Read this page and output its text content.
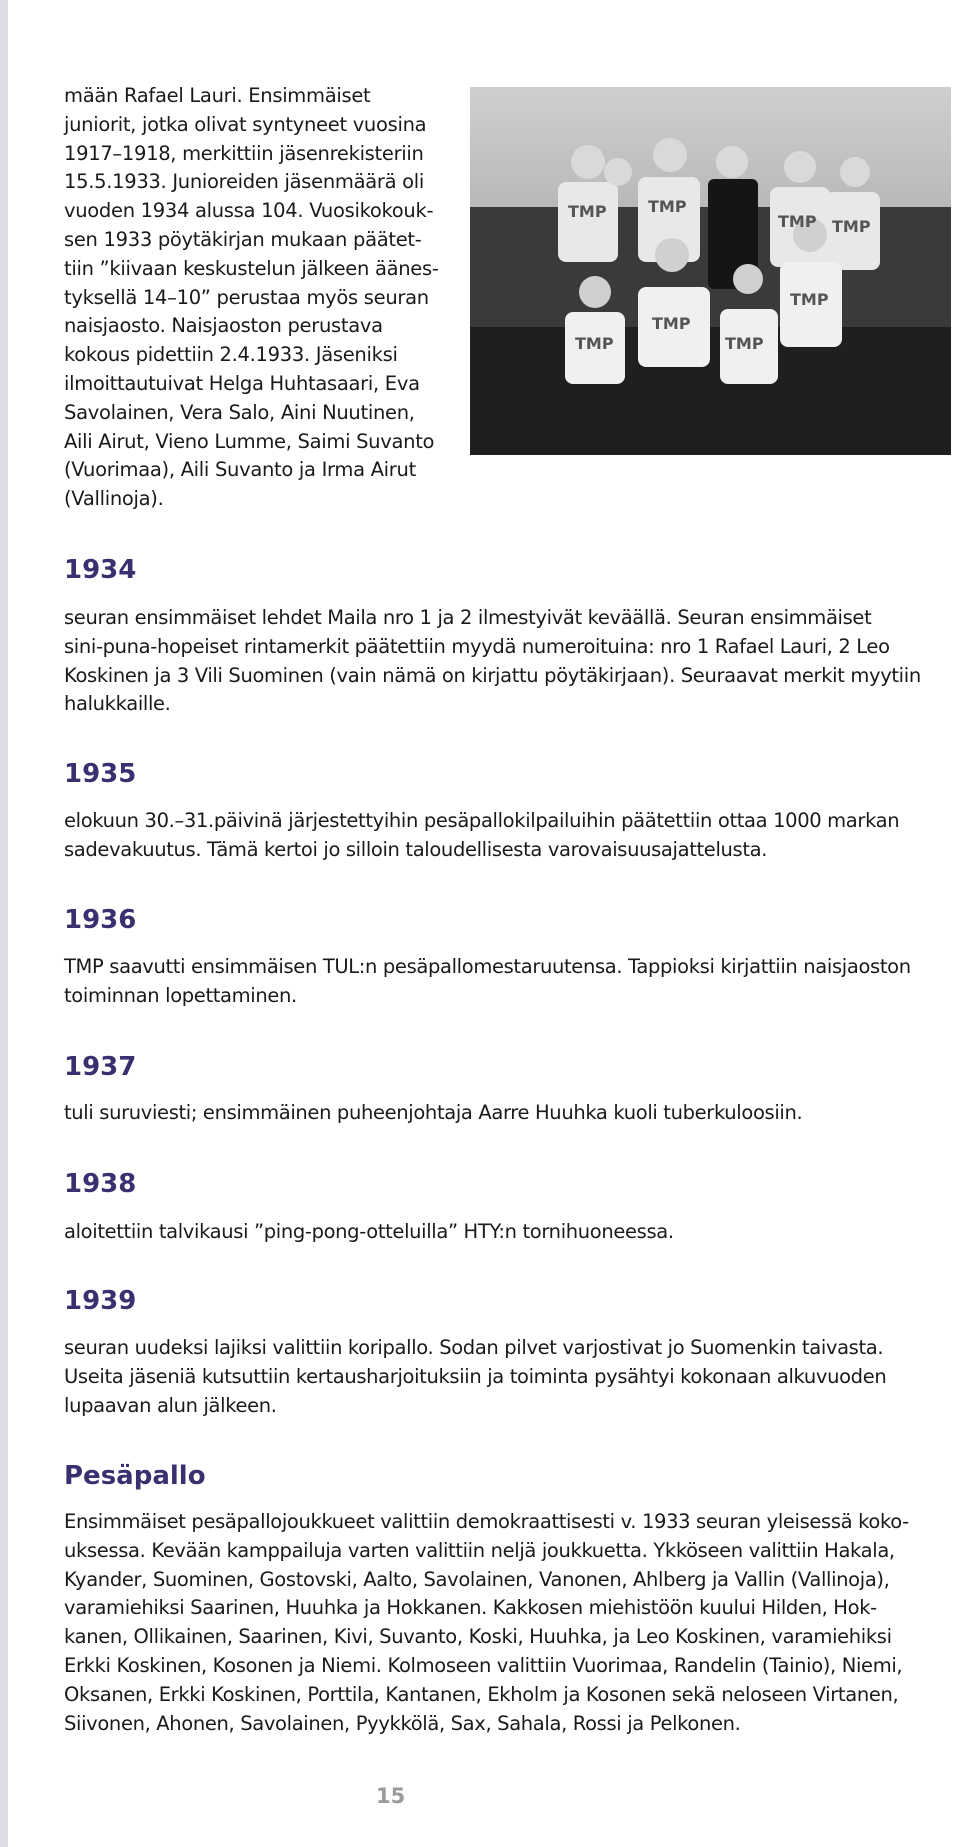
mään Rafael Lauri. Ensimmäiset
juniorit, jotka olivat syntyneet vuosina
1917–1918, merkittiin jäsenrekisteriin
15.5.1933. Junioreiden jäsenmäärä oli
vuoden 1934 alussa 104. Vuosikokouk-
sen 1933 pöytäkirjan mukaan päätet-
tiin ”kiivaan keskustelun jälkeen äänes-
tyksellä 14–10” perustaa myös seuran
naisjaosto. Naisjaoston perustava
kokous pidettiin 2.4.1933. Jäseniksi
ilmoittautuivat Helga Huhtasaari, Eva
Savolainen, Vera Salo, Aini Nuutinen,
Aili Airut, Vieno Lumme, Saimi Suvanto
(Vuorimaa), Aili Suvanto ja Irma Airut
(Vallinoja).
TMP	TMP
TMP TMP
TMP
TMP
TMP
TMP
1934

seuran ensimmäiset lehdet Maila nro 1 ja 2 ilmestyivät keväällä. Seuran ensimmäiset
sini-puna-hopeiset rintamerkit päätettiin myydä numeroituina: nro 1 Rafael Lauri, 2 Leo
Koskinen ja 3 Vili Suominen (vain nämä on kirjattu pöytäkirjaan). Seuraavat merkit myytiin
halukkaille.

1935

elokuun 30.–31.päivinä järjestettyihin pesäpallokilpailuihin päätettiin ottaa 1000 markan
sadevakuutus. Tämä kertoi jo silloin taloudellisesta varovaisuusajattelusta.

1936

TMP saavutti ensimmäisen TUL:n pesäpallomestaruutensa. Tappioksi kirjattiin naisjaoston
toiminnan lopettaminen.

1937

tuli suruviesti; ensimmäinen puheenjohtaja Aarre Huuhka kuoli tuberkuloosiin.

1938

aloitettiin talvikausi ”ping-pong-otteluilla” HTY:n tornihuoneessa.

1939

seuran uudeksi lajiksi valittiin koripallo. Sodan pilvet varjostivat jo Suomenkin taivasta.
Useita jäseniä kutsuttiin kertausharjoituksiin ja toiminta pysähtyi kokonaan alkuvuoden
lupaavan alun jälkeen.

Pesäpallo

Ensimmäiset pesäpallojoukkueet valittiin demokraattisesti v. 1933 seuran yleisessä koko-
uksessa. Kevään kamppailuja varten valittiin neljä joukkuetta. Ykköseen valittiin Hakala,
Kyander, Suominen, Gostovski, Aalto, Savolainen, Vanonen, Ahlberg ja Vallin (Vallinoja),
varamiehiksi Saarinen, Huuhka ja Hokkanen. Kakkosen miehistöön kuului Hilden, Hok-
kanen, Ollikainen, Saarinen, Kivi, Suvanto, Koski, Huuhka, ja Leo Koskinen, varamiehiksi
Erkki Koskinen, Kosonen ja Niemi. Kolmoseen valittiin Vuorimaa, Randelin (Tainio), Niemi,
Oksanen, Erkki Koskinen, Porttila, Kantanen, Ekholm ja Kosonen sekä neloseen Virtanen,
Siivonen, Ahonen, Savolainen, Pyykkölä, Sax, Sahala, Rossi ja Pelkonen.

15
